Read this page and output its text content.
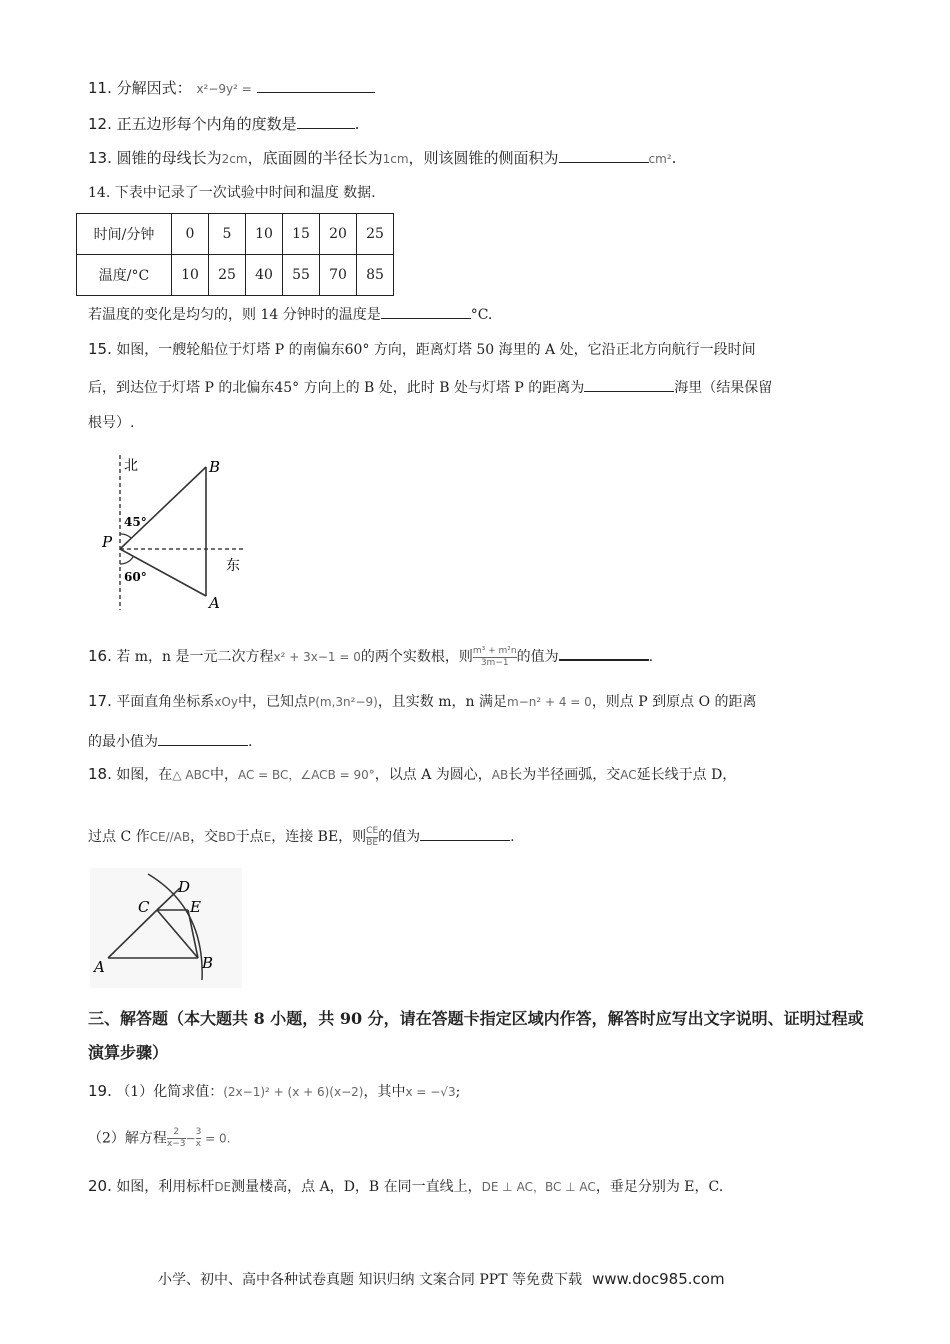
11. 分解因式： x²−9y² =
12. 正五边形每个内角的度数是	.
13. 圆锥的母线长为2cm，底面圆的半径长为1cm，则该圆锥的侧面积为	cm².
14. 下表中记录了一次试验中时间和温度 数据.
时间/分钟	0	5	10	15	20	25
温度/°C	10	25	40	55	70	85
若温度的变化是均匀的，则 14 分钟时的温度是	°C.
15. 如图，一艘轮船位于灯塔 P 的南偏东60° 方向，距离灯塔 50 海里的 A 处，它沿正北方向航行一段时间
后，到达位于灯塔 P 的北偏东45° 方向上的 B 处，此时 B 处与灯塔 P 的距离为	海里（结果保留
根号）.
北
东
P
B
A
45°
60°
16. 若 m，n 是一元二次方程x² + 3x−1 = 0的两个实数根，则 $\frac{\text{m³ + m²n}}{3m-1}$ 的值为	.
17. 平面直角坐标系xOy中，已知点P(m,3n²−9)，且实数 m，n 满足m−n² + 4 = 0，则点 P 到原点 O 的距离
的最小值为	.
18. 如图，在△ ABC中，AC = BC，∠ACB = 90°，以点 A 为圆心，AB长为半径画弧，交AC延长线于点 D，
过点 C 作CE//AB，交BD于点E，连接 BE，则 $\frac{CE}{BE}$ 的值为	.
A	B
C
D
E
三、解答题（本大题共 8 小题，共 90 分，请在答题卡指定区域内作答，解答时应写出文字说明、证明过程或演算步骤）
19. （1）化简求值：(2x−1)² + (x + 6)(x−2)，其中x = −√3;
（2）解方程 $\frac{2}{x-3} - \frac{3}{x} = 0$.
20. 如图，利用标杆DE测量楼高，点 A，D，B 在同一直线上，DE ⊥ AC，BC ⊥ AC，垂足分别为 E，C.
小学、初中、高中各种试卷真题 知识归纳 文案合同 PPT 等免费下载 www.doc985.com
